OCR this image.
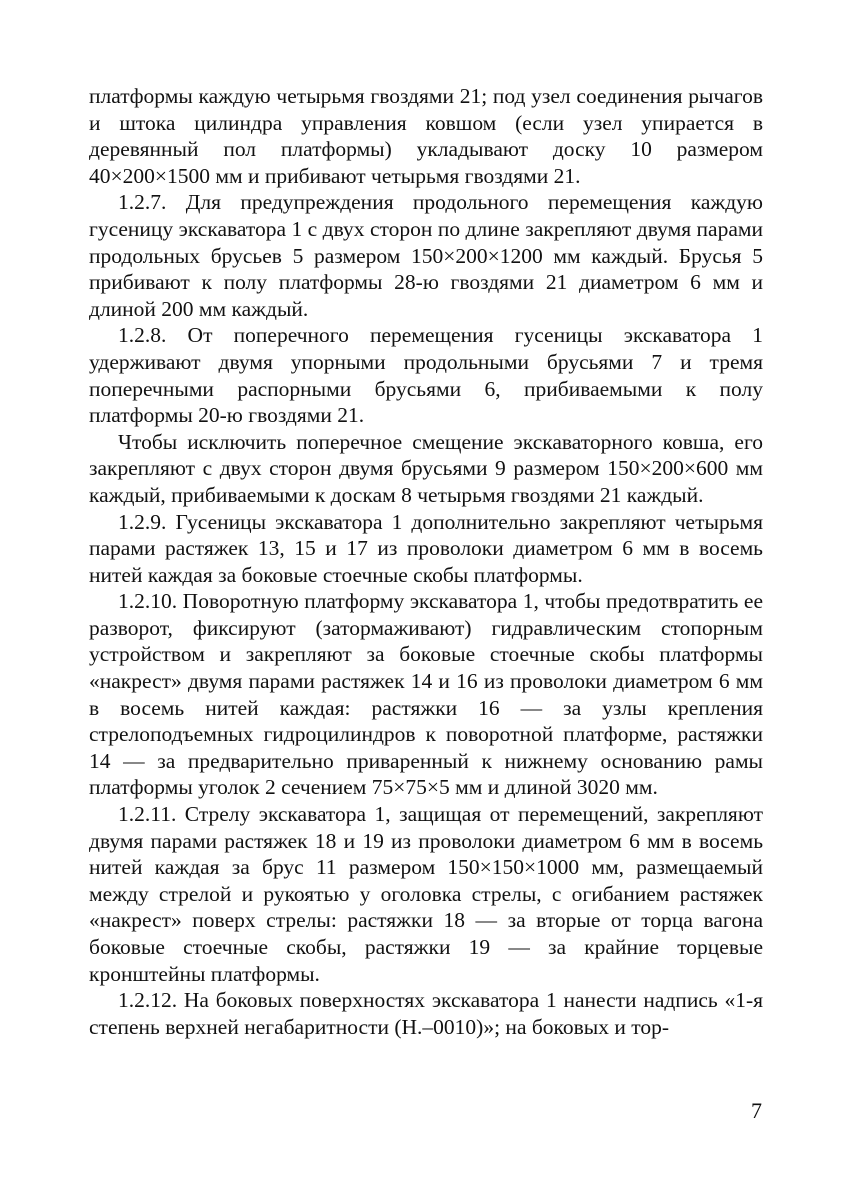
платформы каждую четырьмя гвоздями 21; под узел соединения рычагов и штока цилиндра управления ковшом (если узел упирается в деревянный пол платформы) укладывают доску 10 размером 40×200×1500 мм и прибивают четырьмя гвоздями 21.

1.2.7. Для предупреждения продольного перемещения каждую гусеницу экскаватора 1 с двух сторон по длине закрепляют двумя парами продольных брусьев 5 размером 150×200×1200 мм каждый. Брусья 5 прибивают к полу платформы 28-ю гвоздями 21 диаметром 6 мм и длиной 200 мм каждый.

1.2.8. От поперечного перемещения гусеницы экскаватора 1 удерживают двумя упорными продольными брусьями 7 и тремя поперечными распорными брусьями 6, прибиваемыми к полу платформы 20-ю гвоздями 21.

Чтобы исключить поперечное смещение экскаваторного ковша, его закрепляют с двух сторон двумя брусьями 9 размером 150×200×600 мм каждый, прибиваемыми к доскам 8 четырьмя гвоздями 21 каждый.

1.2.9. Гусеницы экскаватора 1 дополнительно закрепляют четырьмя парами растяжек 13, 15 и 17 из проволоки диаметром 6 мм в восемь нитей каждая за боковые стоечные скобы платформы.

1.2.10. Поворотную платформу экскаватора 1, чтобы предотвратить ее разворот, фиксируют (затормаживают) гидравлическим стопорным устройством и закрепляют за боковые стоечные скобы платформы «накрест» двумя парами растяжек 14 и 16 из проволоки диаметром 6 мм в восемь нитей каждая: растяжки 16 — за узлы крепления стрелоподъемных гидроцилиндров к поворотной платформе, растяжки 14 — за предварительно приваренный к нижнему основанию рамы платформы уголок 2 сечением 75×75×5 мм и длиной 3020 мм.

1.2.11. Стрелу экскаватора 1, защищая от перемещений, закрепляют двумя парами растяжек 18 и 19 из проволоки диаметром 6 мм в восемь нитей каждая за брус 11 размером 150×150×1000 мм, размещаемый между стрелой и рукоятью у оголовка стрелы, с огибанием растяжек «накрест» поверх стрелы: растяжки 18 — за вторые от торца вагона боковые стоечные скобы, растяжки 19 — за крайние торцевые кронштейны платформы.

1.2.12. На боковых поверхностях экскаватора 1 нанести надпись «1-я степень верхней негабаритности (Н.–0010)»; на боковых и тор-

7
